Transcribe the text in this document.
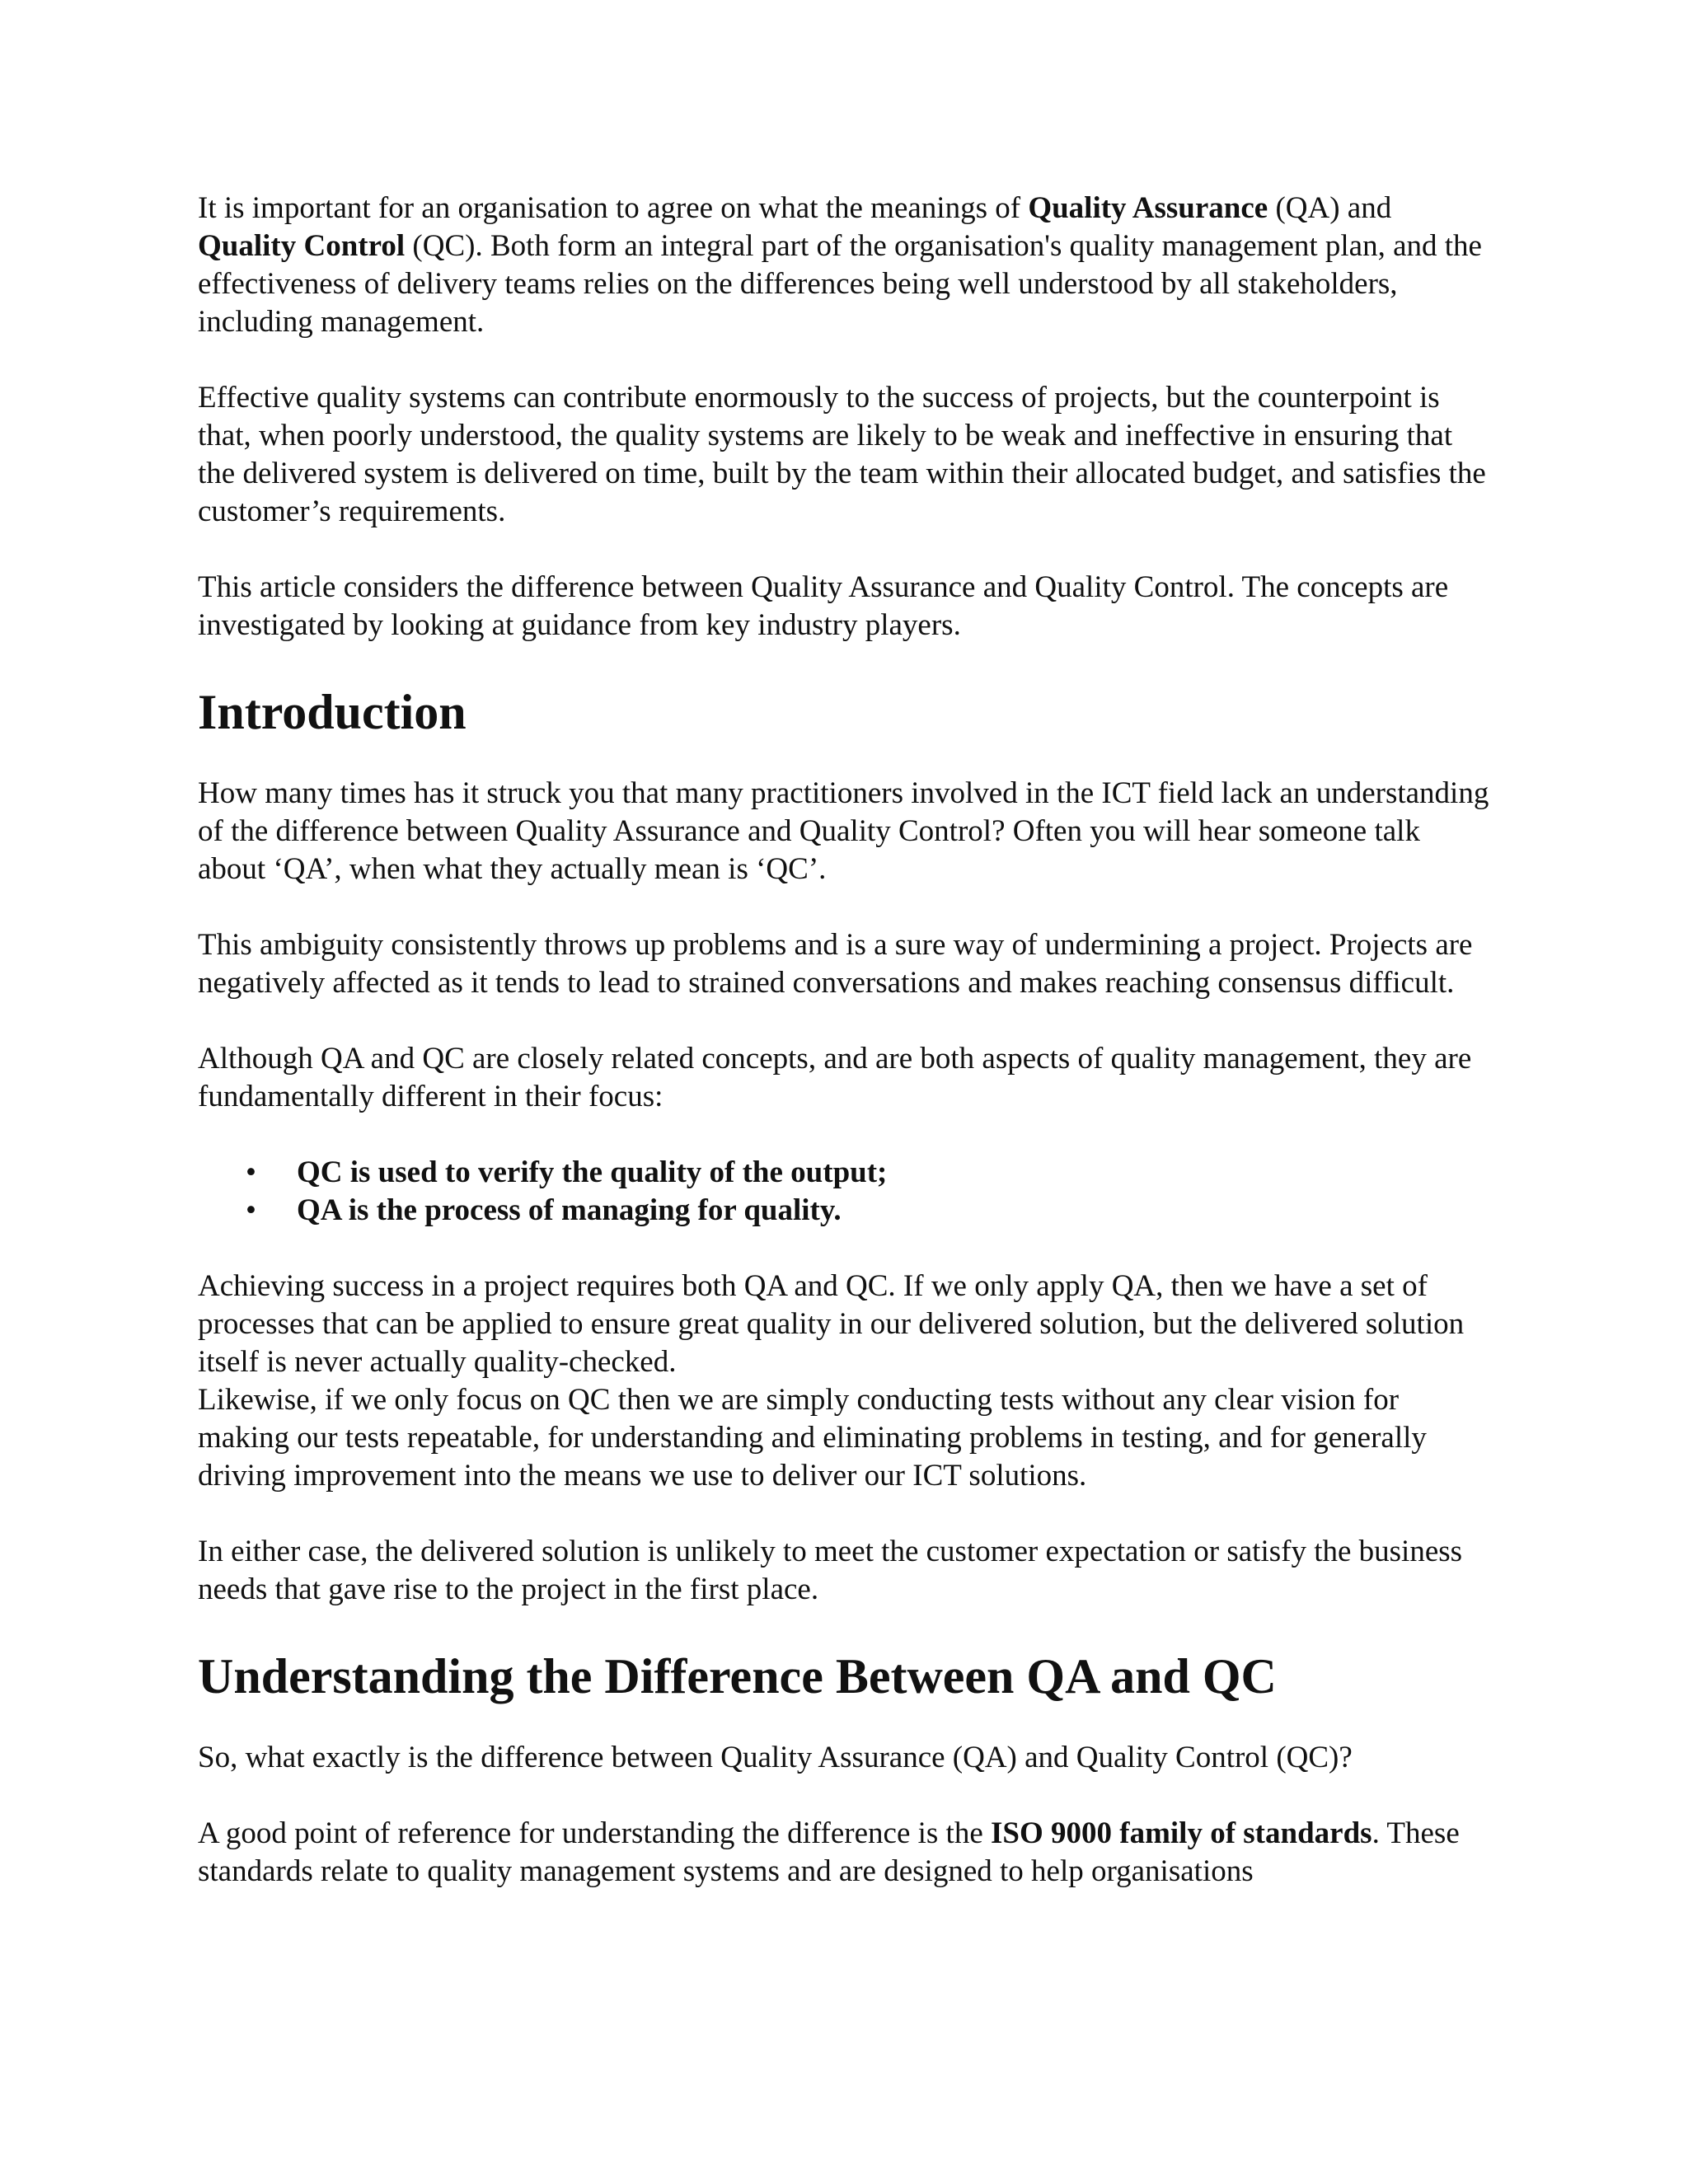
It is important for an organisation to agree on what the meanings of Quality Assurance (QA) and Quality Control (QC). Both form an integral part of the organisation's quality management plan, and the effectiveness of delivery teams relies on the differences being well understood by all stakeholders, including management.

Effective quality systems can contribute enormously to the success of projects, but the counterpoint is that, when poorly understood, the quality systems are likely to be weak and ineffective in ensuring that the delivered system is delivered on time, built by the team within their allocated budget, and satisfies the customer’s requirements.

This article considers the difference between Quality Assurance and Quality Control. The concepts are investigated by looking at guidance from key industry players.

Introduction

How many times has it struck you that many practitioners involved in the ICT field lack an understanding of the difference between Quality Assurance and Quality Control? Often you will hear someone talk about ‘QA’, when what they actually mean is ‘QC’.

This ambiguity consistently throws up problems and is a sure way of undermining a project. Projects are negatively affected as it tends to lead to strained conversations and makes reaching consensus difficult.

Although QA and QC are closely related concepts, and are both aspects of quality management, they are fundamentally different in their focus:

• QC is used to verify the quality of the output;
• QA is the process of managing for quality.

Achieving success in a project requires both QA and QC. If we only apply QA, then we have a set of processes that can be applied to ensure great quality in our delivered solution, but the delivered solution itself is never actually quality-checked.

Likewise, if we only focus on QC then we are simply conducting tests without any clear vision for making our tests repeatable, for understanding and eliminating problems in testing, and for generally driving improvement into the means we use to deliver our ICT solutions.

In either case, the delivered solution is unlikely to meet the customer expectation or satisfy the business needs that gave rise to the project in the first place.

Understanding the Difference Between QA and QC

So, what exactly is the difference between Quality Assurance (QA) and Quality Control (QC)?

A good point of reference for understanding the difference is the ISO 9000 family of standards. These standards relate to quality management systems and are designed to help organisations
